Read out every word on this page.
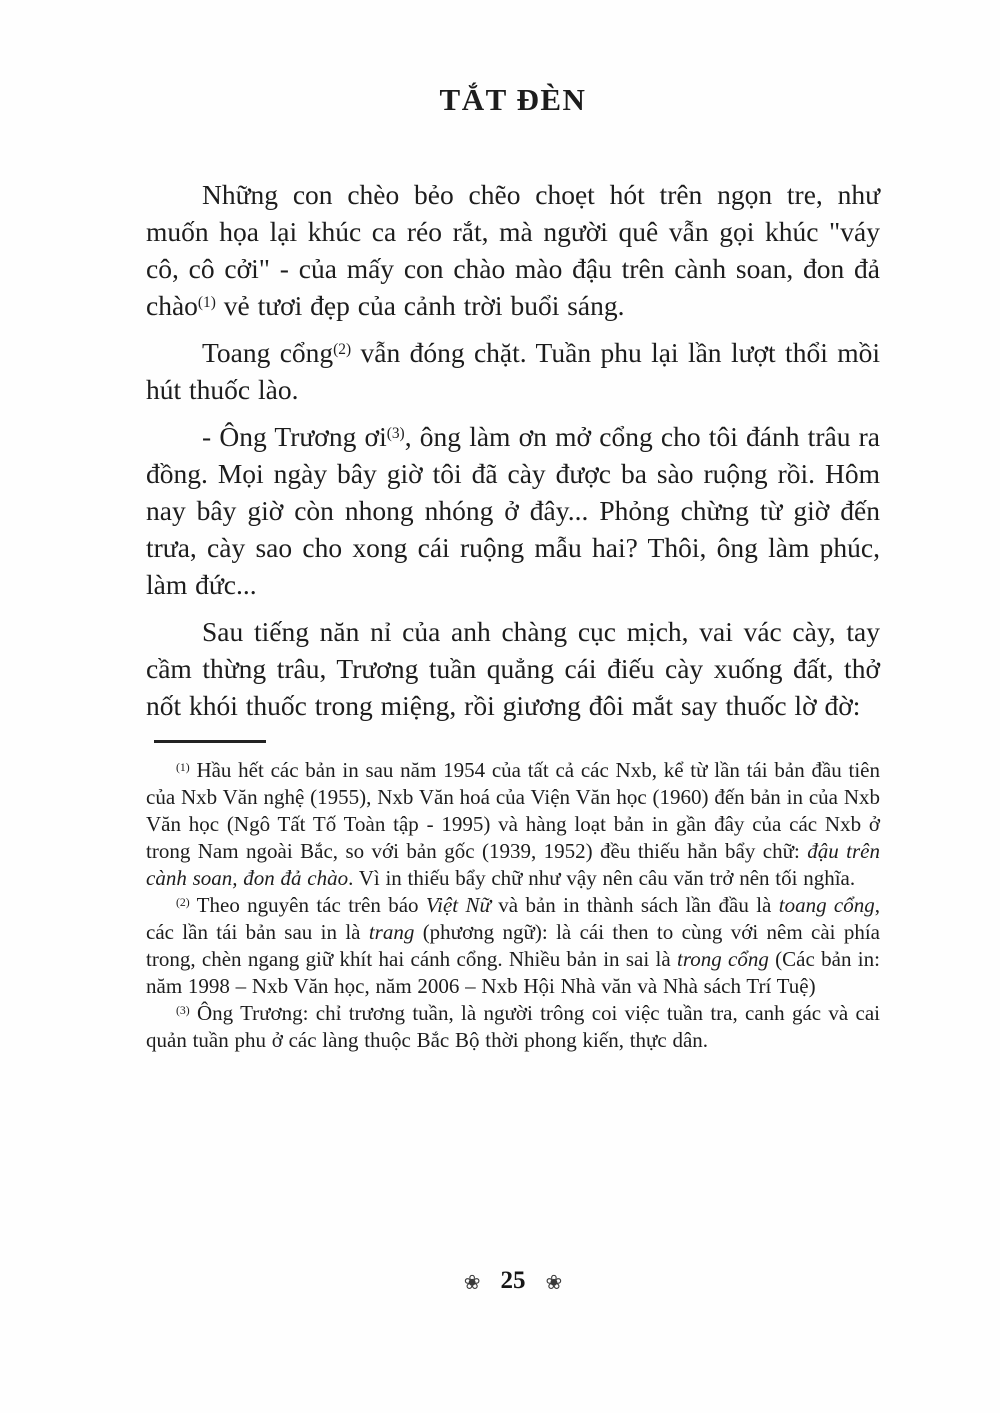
TẮT ĐÈN

Những con chèo bẻo chẽo choẹt hót trên ngọn tre, như muốn họa lại khúc ca réo rắt, mà người quê vẫn gọi khúc "váy cô, cô cởi" - của mấy con chào mào đậu trên cành soan, đon đả chào$^{(1)}$ vẻ tươi đẹp của cảnh trời buổi sáng.

Toang cổng$^{(2)}$ vẫn đóng chặt. Tuần phu lại lần lượt thổi mồi hút thuốc lào.

- Ông Trương $ơi^{(3)}$, ông làm ơn mở cổng cho tôi đánh trâu ra đồng. Mọi ngày bây giờ tôi đã cày được ba sào ruộng rồi. Hôm nay bây giờ còn nhong nhóng ở đây... Phỏng chừng từ giờ đến trưa, cày sao cho xong cái ruộng mẫu hai? Thôi, ông làm phúc, làm đức...

Sau tiếng năn nỉ của anh chàng cục mịch, vai vác cày, tay cầm thừng trâu, Trương tuần quẳng cái điếu cày xuống đất, thở nốt khói thuốc trong miệng, rồi giương đôi mắt say thuốc lờ đờ:

$^{(1)}$ Hầu hết các bản in sau năm 1954 của tất cả các Nxb, kể từ lần tái bản đầu tiên của Nxb Văn nghệ (1955), Nxb Văn hoá của Viện Văn học (1960) đến bản in của Nxb Văn học (Ngô Tất Tố Toàn tập - 1995) và hàng loạt bản in gần đây của các Nxb ở trong Nam ngoài Bắc, so với bản gốc (1939, 1952) đều thiếu hẳn bẩy chữ: đậu trên cành soan, đon đả chào. Vì in thiếu bẩy chữ như vậy nên câu văn trở nên tối nghĩa.

$^{(2)}$ Theo nguyên tác trên báo Việt Nữ và bản in thành sách lần đầu là toang cổng, các lần tái bản sau in là trang (phương ngữ): là cái then to cùng với nêm cài phía trong, chèn ngang giữ khít hai cánh cổng. Nhiều bản in sai là trong cổng (Các bản in: năm 1998 – Nxb Văn học, năm 2006 – Nxb Hội Nhà văn và Nhà sách Trí Tuệ)

$^{(3)}$ Ông Trương: chỉ trương tuần, là người trông coi việc tuần tra, canh gác và cai quản tuần phu ở các làng thuộc Bắc Bộ thời phong kiến, thực dân.

❀ 25 ❀
